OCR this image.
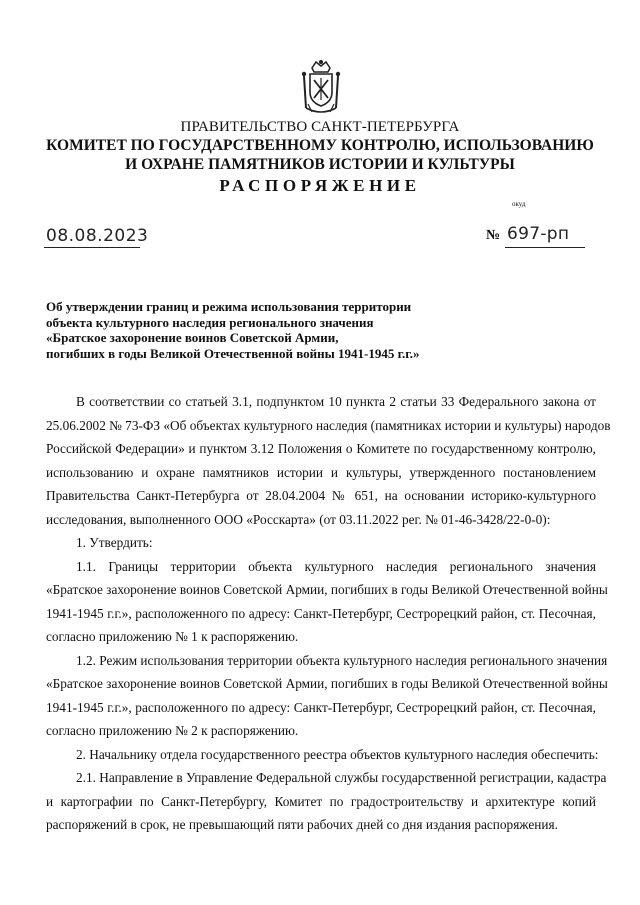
ПРАВИТЕЛЬСТВО САНКТ-ПЕТЕРБУРГА
КОМИТЕТ ПО ГОСУДАРСТВЕННОМУ КОНТРОЛЮ, ИСПОЛЬЗОВАНИЮ
И ОХРАНЕ ПАМЯТНИКОВ ИСТОРИИ И КУЛЬТУРЫ
РАСПОРЯЖЕНИЕ
окуд
08.08.2023	№ 697-рп
Об утверждении границ и режима использования территории
объекта культурного наследия регионального значения
«Братское захоронение воинов Советской Армии,
погибших в годы Великой Отечественной войны 1941-1945 г.г.»
В соответствии со статьей 3.1, подпунктом 10 пункта 2 статьи 33 Федерального закона от
25.06.2002 № 73-ФЗ «Об объектах культурного наследия (памятниках истории и культуры) народов
Российской Федерации» и пунктом 3.12 Положения о Комитете по государственному контролю,
использованию и охране памятников истории и культуры, утвержденного постановлением
Правительства Санкт-Петербурга от 28.04.2004 № 651, на основании историко-культурного
исследования, выполненного ООО «Росскарта» (от 03.11.2022 рег. № 01-46-3428/22-0-0):
1. Утвердить:
1.1. Границы территории объекта культурного наследия регионального значения
«Братское захоронение воинов Советской Армии, погибших в годы Великой Отечественной войны
1941-1945 г.г.», расположенного по адресу: Санкт-Петербург, Сестрорецкий район, ст. Песочная,
согласно приложению № 1 к распоряжению.
1.2. Режим использования территории объекта культурного наследия регионального значения
«Братское захоронение воинов Советской Армии, погибших в годы Великой Отечественной войны
1941-1945 г.г.», расположенного по адресу: Санкт-Петербург, Сестрорецкий район, ст. Песочная,
согласно приложению № 2 к распоряжению.
2. Начальнику отдела государственного реестра объектов культурного наследия обеспечить:
2.1. Направление в Управление Федеральной службы государственной регистрации, кадастра
и картографии по Санкт-Петербургу, Комитет по градостроительству и архитектуре копий
распоряжений в срок, не превышающий пяти рабочих дней со дня издания распоряжения.
